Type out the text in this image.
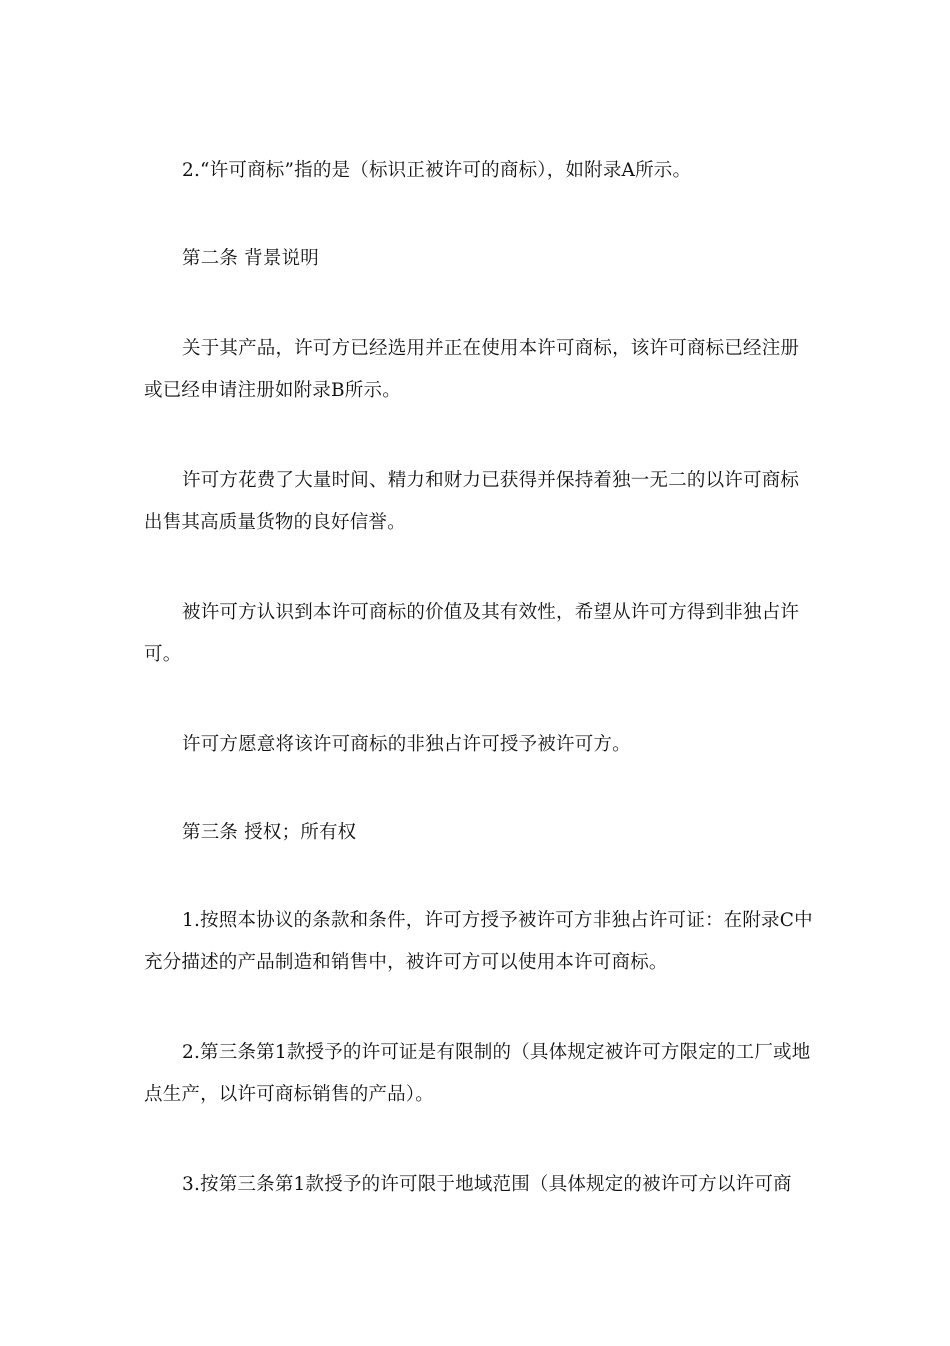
2.“许可商标”指的是（标识正被许可的商标），如附录A所示。

第二条 背景说明

关于其产品，许可方已经选用并正在使用本许可商标，该许可商标已经注册或已经申请注册如附录B所示。

许可方花费了大量时间、精力和财力已获得并保持着独一无二的以许可商标出售其高质量货物的良好信誉。

被许可方认识到本许可商标的价值及其有效性，希望从许可方得到非独占许可。

许可方愿意将该许可商标的非独占许可授予被许可方。

第三条 授权；所有权

1.按照本协议的条款和条件，许可方授予被许可方非独占许可证：在附录C中充分描述的产品制造和销售中，被许可方可以使用本许可商标。

2.第三条第1款授予的许可证是有限制的（具体规定被许可方限定的工厂或地点生产，以许可商标销售的产品）。

3.按第三条第1款授予的许可限于地域范围（具体规定的被许可方以许可商
